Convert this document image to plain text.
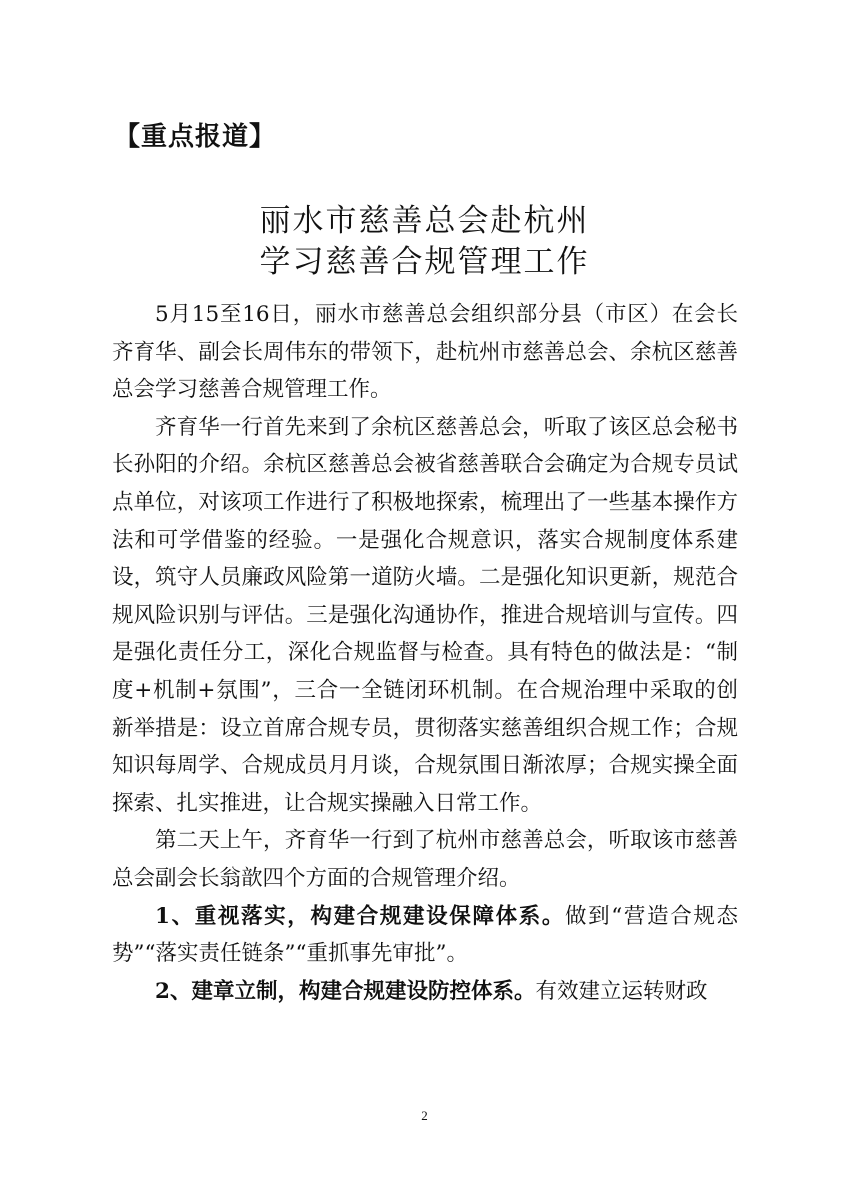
【重点报道】
丽水市慈善总会赴杭州
学习慈善合规管理工作

5月15至16日，丽水市慈善总会组织部分县（市区）在会长齐育华、副会长周伟东的带领下，赴杭州市慈善总会、余杭区慈善总会学习慈善合规管理工作。

齐育华一行首先来到了余杭区慈善总会，听取了该区总会秘书长孙阳的介绍。余杭区慈善总会被省慈善联合会确定为合规专员试点单位，对该项工作进行了积极地探索，梳理出了一些基本操作方法和可学借鉴的经验。一是强化合规意识，落实合规制度体系建设，筑守人员廉政风险第一道防火墙。二是强化知识更新，规范合规风险识别与评估。三是强化沟通协作，推进合规培训与宣传。四是强化责任分工，深化合规监督与检查。具有特色的做法是：“制度+机制+氛围”，三合一全链闭环机制。在合规治理中采取的创新举措是：设立首席合规专员，贯彻落实慈善组织合规工作；合规知识每周学、合规成员月月谈，合规氛围日渐浓厚；合规实操全面探索、扎实推进，让合规实操融入日常工作。

第二天上午，齐育华一行到了杭州市慈善总会，听取该市慈善总会副会长翁歆四个方面的合规管理介绍。

1、重视落实，构建合规建设保障体系。做到“营造合规态势”“落实责任链条”“重抓事先审批”。

2、建章立制，构建合规建设防控体系。有效建立运转财政

2
